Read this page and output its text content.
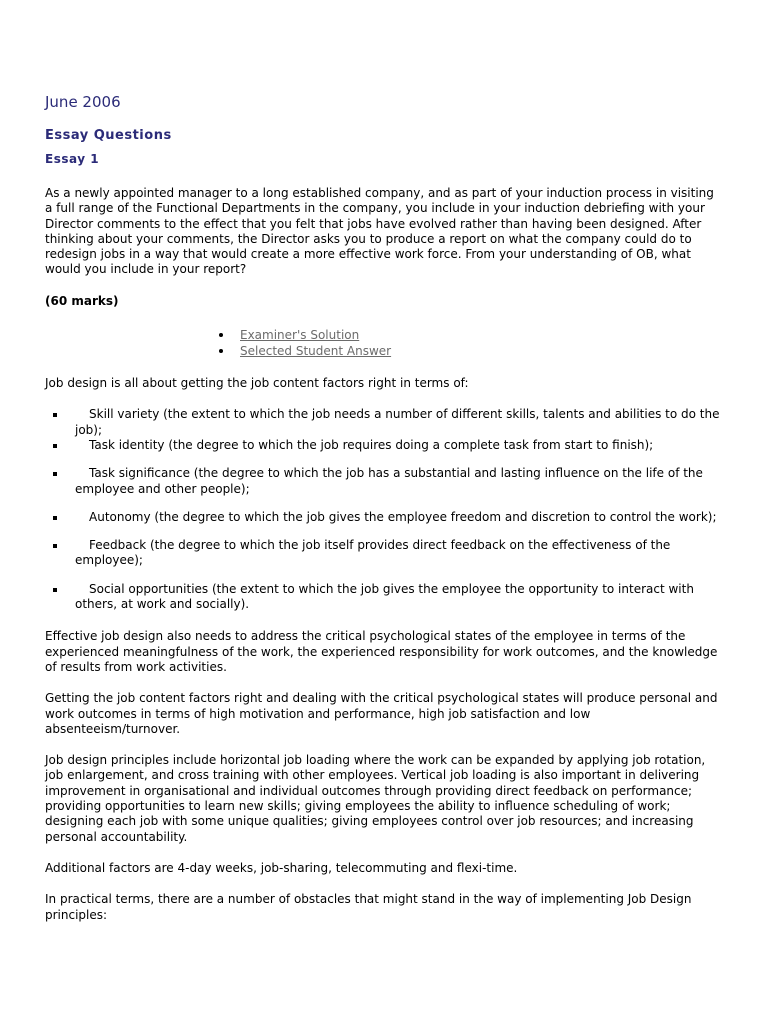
June 2006
Essay Questions
Essay 1

As a newly appointed manager to a long established company, and as part of your induction process in visiting a full range of the Functional Departments in the company, you include in your induction debriefing with your Director comments to the effect that you felt that jobs have evolved rather than having been designed. After thinking about your comments, the Director asks you to produce a report on what the company could do to redesign jobs in a way that would create a more effective work force. From your understanding of OB, what would you include in your report?

(60 marks)

Examiner's Solution
Selected Student Answer

Job design is all about getting the job content factors right in terms of:

Skill variety (the extent to which the job needs a number of different skills, talents and abilities to do the job);
Task identity (the degree to which the job requires doing a complete task from start to finish);
Task significance (the degree to which the job has a substantial and lasting influence on the life of the employee and other people);
Autonomy (the degree to which the job gives the employee freedom and discretion to control the work);
Feedback (the degree to which the job itself provides direct feedback on the effectiveness of the employee);
Social opportunities (the extent to which the job gives the employee the opportunity to interact with others, at work and socially).

Effective job design also needs to address the critical psychological states of the employee in terms of the experienced meaningfulness of the work, the experienced responsibility for work outcomes, and the knowledge of results from work activities.

Getting the job content factors right and dealing with the critical psychological states will produce personal and work outcomes in terms of high motivation and performance, high job satisfaction and low absenteeism/turnover.

Job design principles include horizontal job loading where the work can be expanded by applying job rotation, job enlargement, and cross training with other employees. Vertical job loading is also important in delivering improvement in organisational and individual outcomes through providing direct feedback on performance; providing opportunities to learn new skills; giving employees the ability to influence scheduling of work; designing each job with some unique qualities; giving employees control over job resources; and increasing personal accountability.

Additional factors are 4-day weeks, job-sharing, telecommuting and flexi-time.

In practical terms, there are a number of obstacles that might stand in the way of implementing Job Design principles:
